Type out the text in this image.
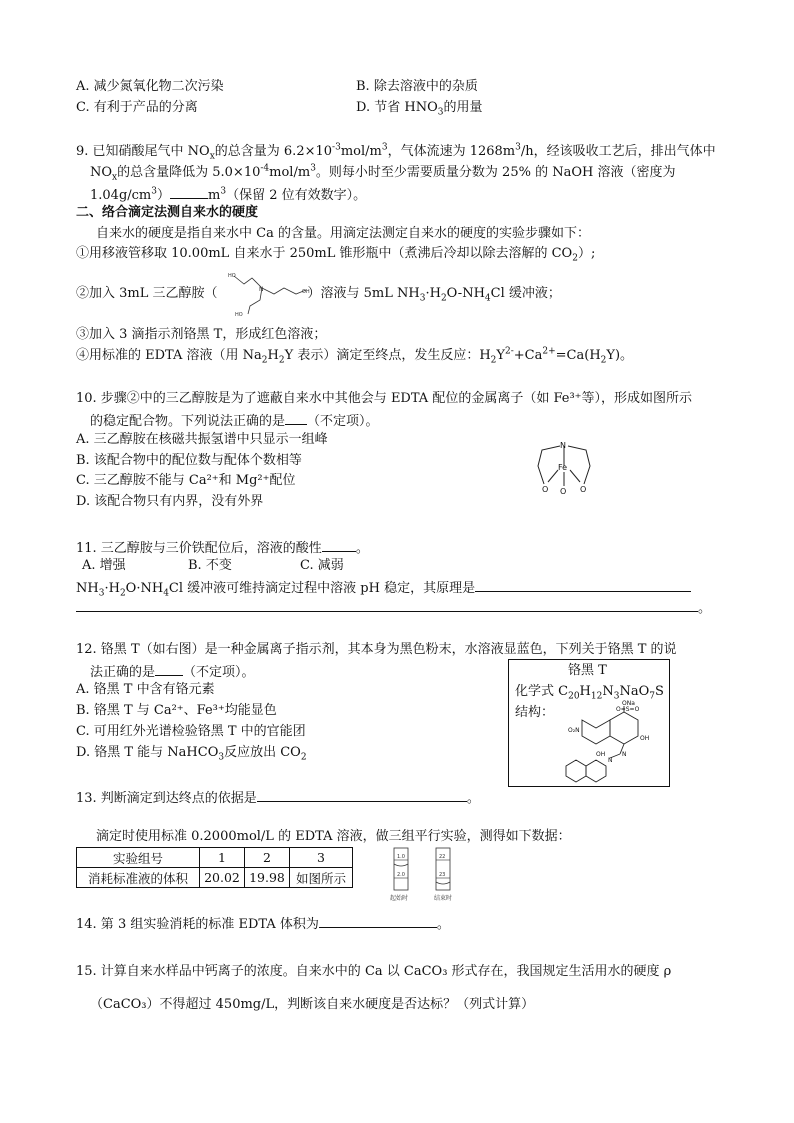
A. 减少氮氧化物二次污染	B. 除去溶液中的杂质
C. 有利于产品的分离	D. 节省 $HNO_3$的用量
9. 已知硝酸尾气中 $NO_x$的总含量为 $6.2\times 10^{-3}mol/m^3$，气体流速为 $1268m^3/h$，经该吸收工艺后，排出气体中
$NO_x$的总含量降低为 $5.0\times 10^{-4}mol/m^3$。则每小时至少需要质量分数为 25% 的 NaOH 溶液（密度为
$1.04g/cm^3$）	$m^3$（保留 2 位有效数字）。
二、络合滴定法测自来水的硬度
自来水的硬度是指自来水中 Ca 的含量。用滴定法测定自来水的硬度的实验步骤如下：
①用移液管移取 10.00mL 自来水于 250mL 锥形瓶中（煮沸后冷却以除去溶解的 $CO_2$）;
②加入 3mL 三乙醇胺（	）溶液与 5mL $NH_3\cdot H_2O-NH_4Cl$ 缓冲液；
HO
N	OH
HO
③加入 3 滴指示剂铬黑 T，形成红色溶液；
④用标准的 EDTA 溶液（用 $Na_2H_2Y$ 表示）滴定至终点，发生反应：$H_2Y^{2-}+Ca^{2+}=Ca(H_2Y)$。
10. 步骤②中的三乙醇胺是为了遮蔽自来水中其他会与 EDTA 配位的金属离子（如 Fe³⁺等），形成如图所示
的稳定配合物。下列说法正确的是 （不定项）。
A. 三乙醇胺在核磁共振氢谱中只显示一组峰
B. 该配合物中的配位数与配体个数相等
C. 三乙醇胺不能与 Ca²⁺和 Mg²⁺配位
D. 该配合物只有内界，没有外界
N
Fe
O O O
11. 三乙醇胺与三价铁配位后，溶液的酸性	。
A. 增强	B. 不变	C. 减弱
$NH_3\cdot H_2O\cdot NH_4Cl$ 缓冲液可维持滴定过程中溶液 pH 稳定，其原理是
。
12. 铬黑 T（如右图）是一种金属离子指示剂，其本身为黑色粉末，水溶液显蓝色，下列关于铬黑 T 的说
法正确的是 （不定项）。
A. 铬黑 T 中含有铬元素
B. 铬黑 T 与 Ca²⁺、Fe³⁺均能显色
C. 可用红外光谱检验铬黑 T 中的官能团
D. 铬黑 T 能与 NaHCO$_3$反应放出 $CO_2$
铬黑 T
化学式 $C_{20}H_{12}N_3NaO_7S$
结构：
ONa
O=S=O
O₂N
OH
OH	N
N
13. 判断滴定到达终点的依据是	。
滴定时使用标准 0.2000mol/L 的 EDTA 溶液，做三组平行实验，测得如下数据：
实验组号	1	2	3
消耗标准液的体积	20.02	19.98	如图所示
1.0
2.0
22
23
起始时	结束时
14. 第 3 组实验消耗的标准 EDTA 体积为	。
15. 计算自来水样品中钙离子的浓度。自来水中的 Ca 以 CaCO₃ 形式存在，我国规定生活用水的硬度 ρ
（CaCO₃）不得超过 450mg/L，判断该自来水硬度是否达标？（列式计算）
